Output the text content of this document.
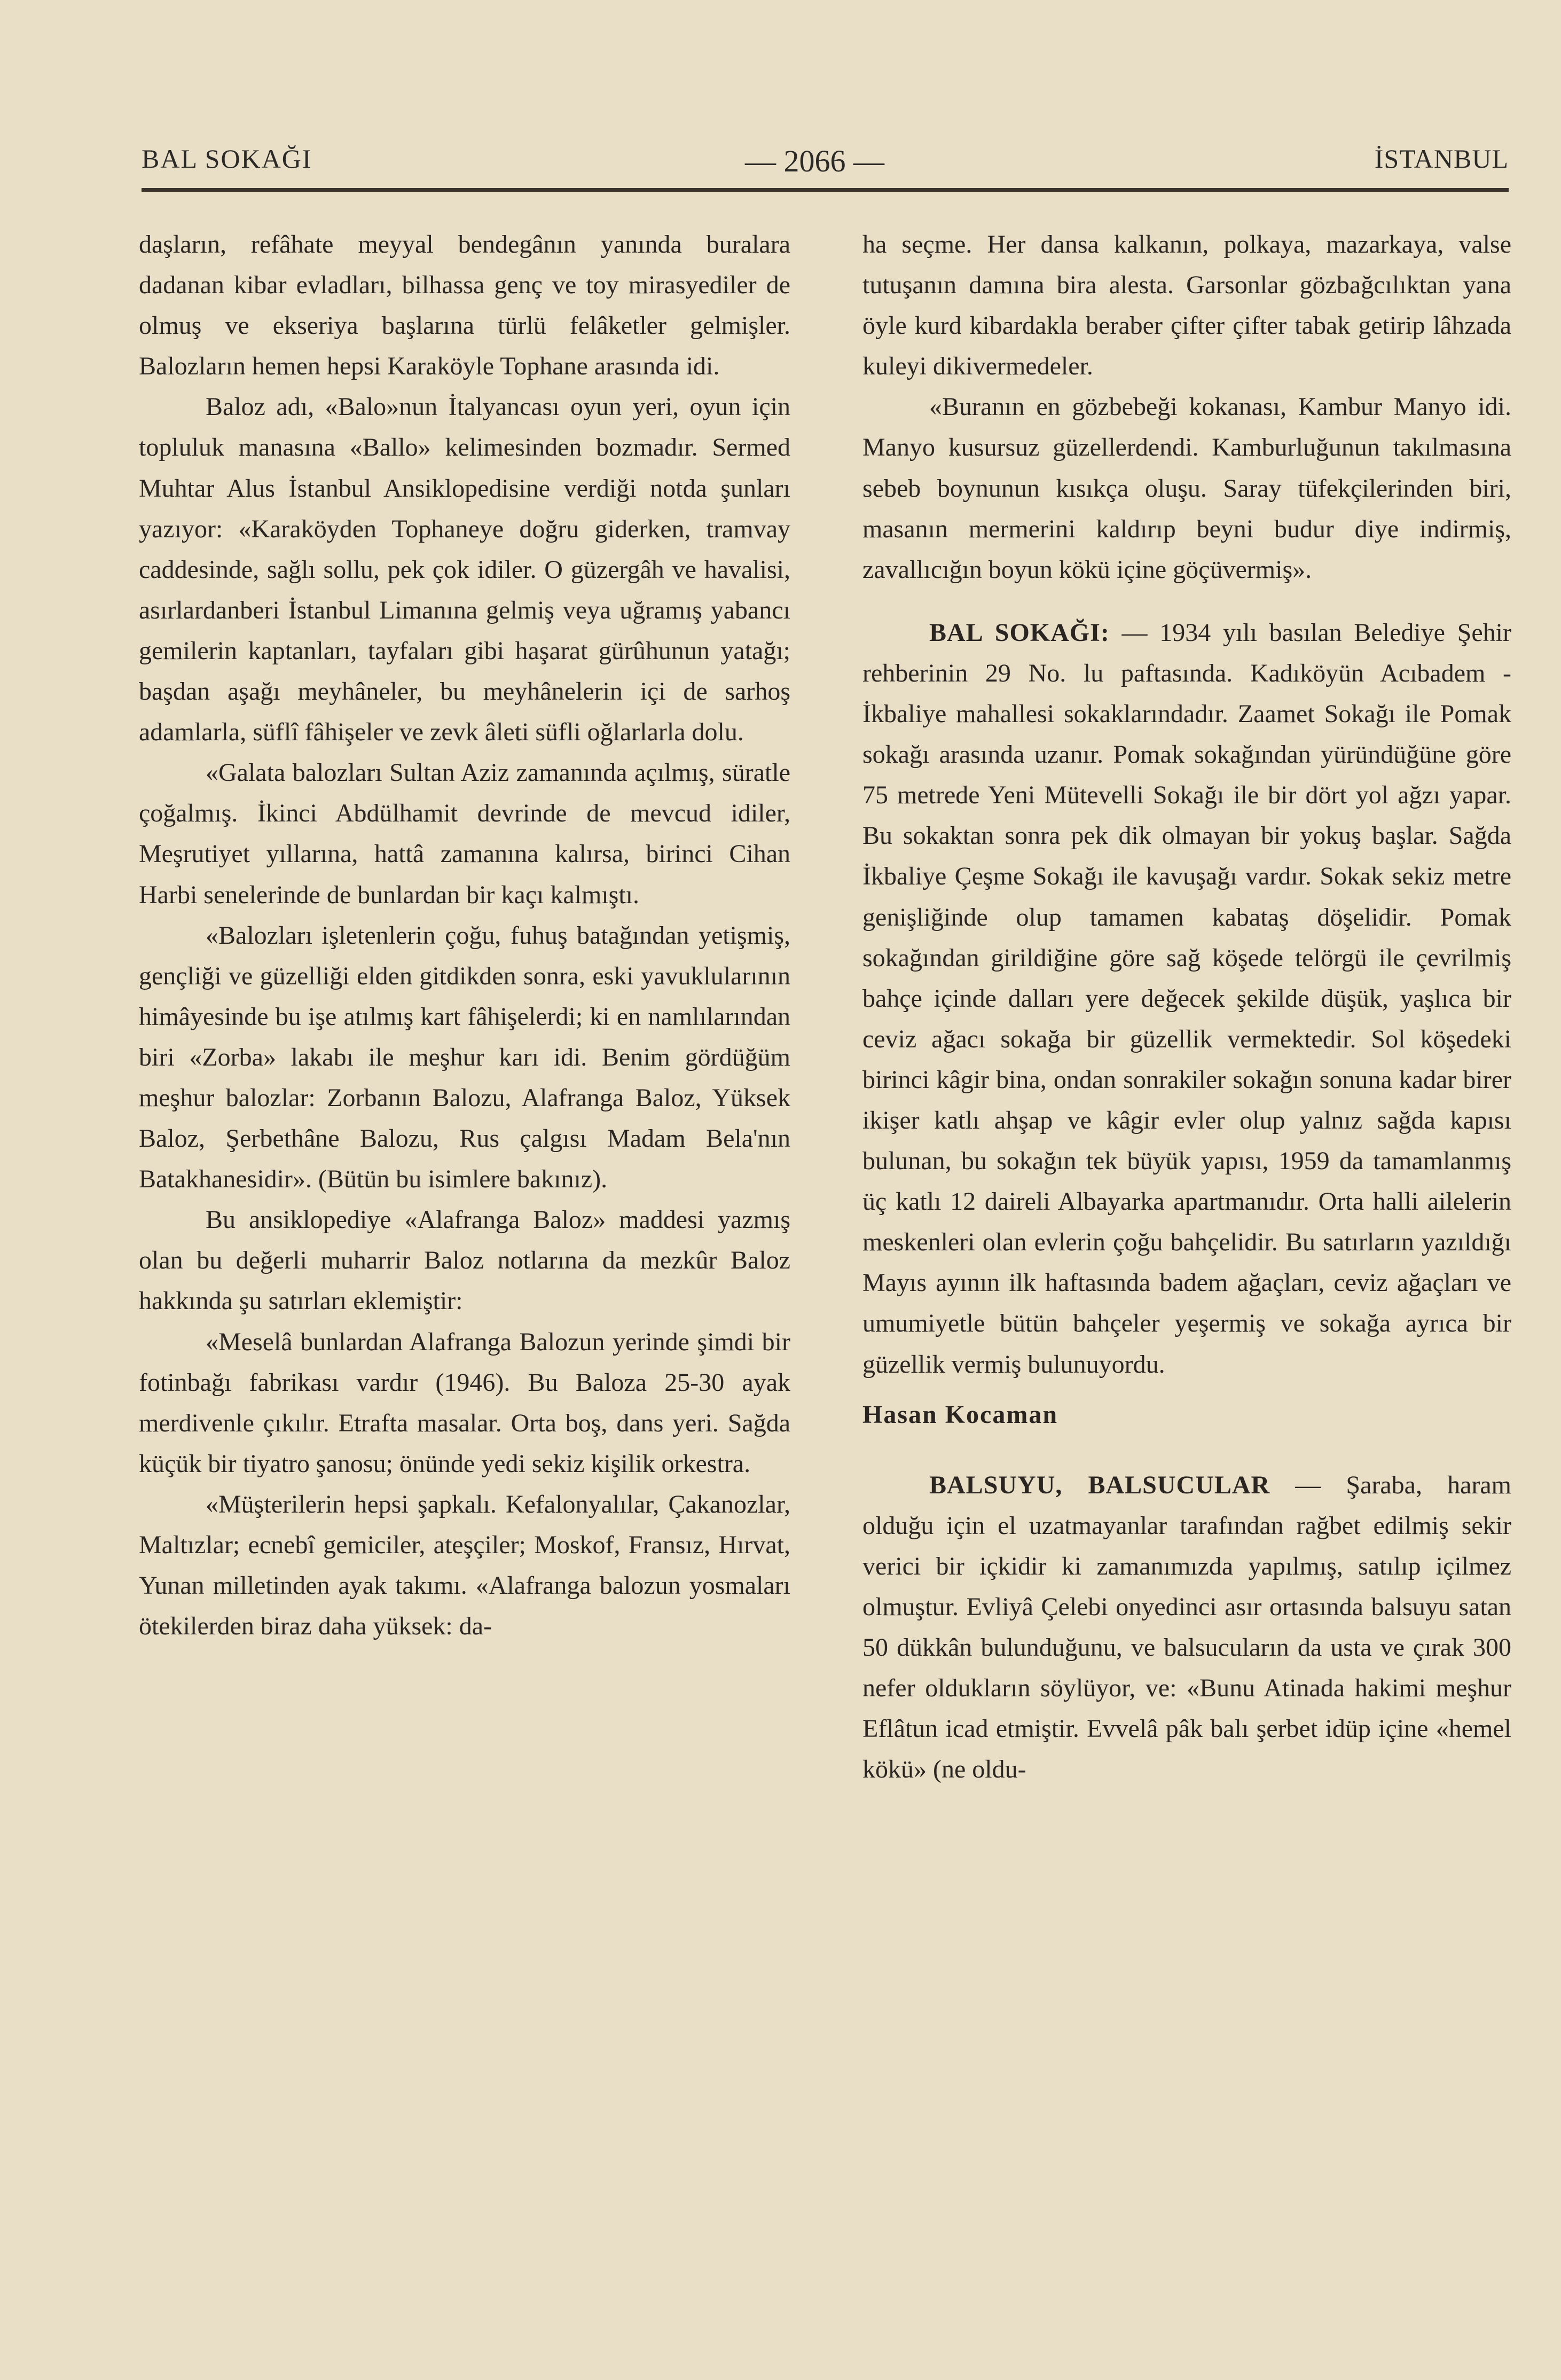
BAL SOKAĞI	— 2066 —	İSTANBUL

daşların, refâhate meyyal bendegânın yanında buralara dadanan kibar evladları, bilhassa genç ve toy mirasyediler de olmuş ve ekseriya başlarına türlü felâketler gelmişler. Balozların hemen hepsi Karaköyle Tophane arasında idi.

Baloz adı, «Balo»nun İtalyancası oyun yeri, oyun için topluluk manasına «Ballo» kelimesinden bozmadır. Sermed Muhtar Alus İstanbul Ansiklopedisine verdiği notda şunları yazıyor: «Karaköyden Tophaneye doğru giderken, tramvay caddesinde, sağlı sollu, pek çok idiler. O güzergâh ve havalisi, asırlardanberi İstanbul Limanına gelmiş veya uğramış yabancı gemilerin kaptanları, tayfaları gibi haşarat gürûhunun yatağı; başdan aşağı meyhâneler, bu meyhânelerin içi de sarhoş adamlarla, süflî fâhişeler ve zevk âleti süfli oğlarlarla dolu.

«Galata balozları Sultan Aziz zamanında açılmış, süratle çoğalmış. İkinci Abdülhamit devrinde de mevcud idiler, Meşrutiyet yıllarına, hattâ zamanına kalırsa, birinci Cihan Harbi senelerinde de bunlardan bir kaçı kalmıştı.

«Balozları işletenlerin çoğu, fuhuş batağından yetişmiş, gençliği ve güzelliği elden gitdikden sonra, eski yavuklularının himâyesinde bu işe atılmış kart fâhişelerdi; ki en namlılarından biri «Zorba» lakabı ile meşhur karı idi. Benim gördüğüm meşhur balozlar: Zorbanın Balozu, Alafranga Baloz, Yüksek Baloz, Şerbethâne Balozu, Rus çalgısı Madam Bela'nın Batakhanesidir». (Bütün bu isimlere bakınız).

Bu ansiklopediye «Alafranga Baloz» maddesi yazmış olan bu değerli muharrir Baloz notlarına da mezkûr Baloz hakkında şu satırları eklemiştir:

«Meselâ bunlardan Alafranga Balozun yerinde şimdi bir fotinbağı fabrikası vardır (1946). Bu Baloza 25-30 ayak merdivenle çıkılır. Etrafta masalar. Orta boş, dans yeri. Sağda küçük bir tiyatro şanosu; önünde yedi sekiz kişilik orkestra.

«Müşterilerin hepsi şapkalı. Kefalonyalılar, Çakanozlar, Maltızlar; ecnebî gemiciler, ateşçiler; Moskof, Fransız, Hırvat, Yunan milletinden ayak takımı. «Alafranga balozun yosmaları ötekilerden biraz daha yüksek: da-

ha seçme. Her dansa kalkanın, polkaya, mazarkaya, valse tutuşanın damına bira alesta. Garsonlar gözbağcılıktan yana öyle kurd kibardakla beraber çifter çifter tabak getirip lâhzada kuleyi dikivermedeler.

«Buranın en gözbebeği kokanası, Kambur Manyo idi. Manyo kusursuz güzellerdendi. Kamburluğunun takılmasına sebeb boynunun kısıkça oluşu. Saray tüfekçilerinden biri, masanın mermerini kaldırıp beyni budur diye indirmiş, zavallıcığın boyun kökü içine göçüvermiş».

BAL SOKAĞI: — 1934 yılı basılan Belediye Şehir rehberinin 29 No. lu paftasında. Kadıköyün Acıbadem - İkbaliye mahallesi sokaklarındadır. Zaamet Sokağı ile Pomak sokağı arasında uzanır. Pomak sokağından yüründüğüne göre 75 metrede Yeni Mütevelli Sokağı ile bir dört yol ağzı yapar. Bu sokaktan sonra pek dik olmayan bir yokuş başlar. Sağda İkbaliye Çeşme Sokağı ile kavuşağı vardır. Sokak sekiz metre genişliğinde olup tamamen kabataş döşelidir. Pomak sokağından girildiğine göre sağ köşede telörgü ile çevrilmiş bahçe içinde dalları yere değecek şekilde düşük, yaşlıca bir ceviz ağacı sokağa bir güzellik vermektedir. Sol köşedeki birinci kâgir bina, ondan sonrakiler sokağın sonuna kadar birer ikişer katlı ahşap ve kâgir evler olup yalnız sağda kapısı bulunan, bu sokağın tek büyük yapısı, 1959 da tamamlanmış üç katlı 12 daireli Albayarka apartmanıdır. Orta halli ailelerin meskenleri olan evlerin çoğu bahçelidir. Bu satırların yazıldığı Mayıs ayının ilk haftasında badem ağaçları, ceviz ağaçları ve umumiyetle bütün bahçeler yeşermiş ve sokağa ayrıca bir güzellik vermiş bulunuyordu.

Hasan Kocaman

BALSUYU, BALSUCULAR — Şaraba, haram olduğu için el uzatmayanlar tarafından rağbet edilmiş sekir verici bir içkidir ki zamanımızda yapılmış, satılıp içilmez olmuştur. Evliyâ Çelebi onyedinci asır ortasında balsuyu satan 50 dükkân bulunduğunu, ve balsucuların da usta ve çırak 300 nefer oldukların söylüyor, ve: «Bunu Atinada hakimi meşhur Eflâtun icad etmiştir. Evvelâ pâk balı şerbet idüp içine «hemel kökü» (ne oldu-
